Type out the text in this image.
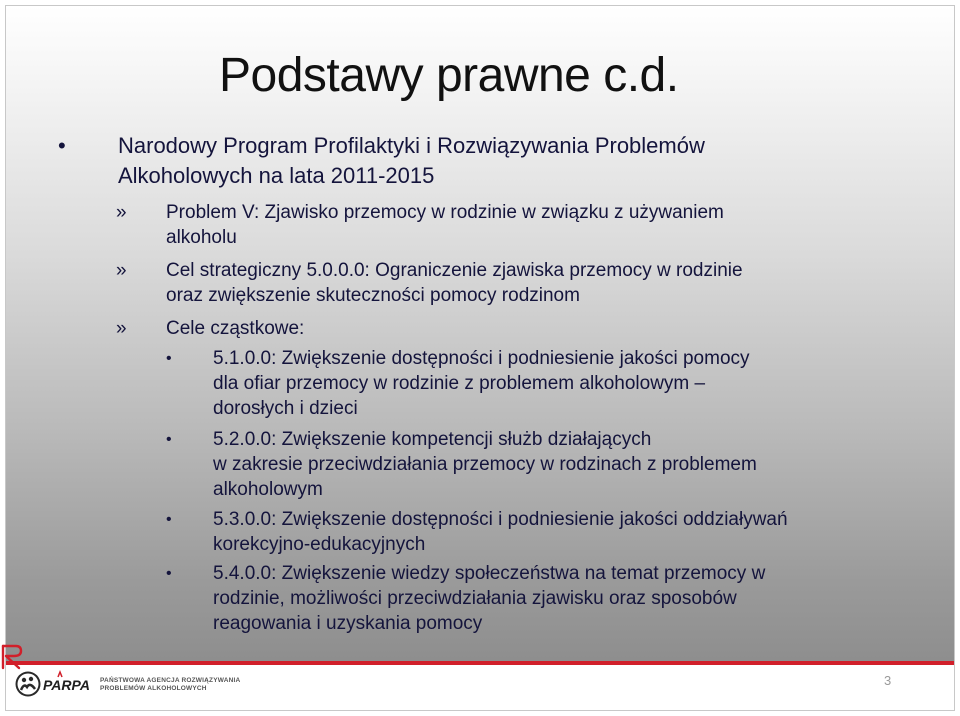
Podstawy prawne c.d.
• Narodowy Program Profilaktyki i Rozwiązywania Problemów
Alkoholowych na lata 2011-2015
» Problem V: Zjawisko przemocy w rodzinie w związku z używaniem
alkoholu
» Cel strategiczny 5.0.0.0: Ograniczenie zjawiska przemocy w rodzinie
oraz zwiększenie skuteczności pomocy rodzinom
» Cele cząstkowe:
• 5.1.0.0: Zwiększenie dostępności i podniesienie jakości pomocy
dla ofiar przemocy w rodzinie z problemem alkoholowym –
dorosłych i dzieci
• 5.2.0.0: Zwiększenie kompetencji służb działających
w zakresie przeciwdziałania przemocy w rodzinach z problemem
alkoholowym
• 5.3.0.0: Zwiększenie dostępności i podniesienie jakości oddziaływań
korekcyjno-edukacyjnych
• 5.4.0.0: Zwiększenie wiedzy społeczeństwa na temat przemocy w
rodzinie, możliwości przeciwdziałania zjawisku oraz sposobów
reagowania i uzyskania pomocy
PARPA PAŃSTWOWA AGENCJA ROZWIĄZYWANIA
PROBLEMÓW ALKOHOLOWYCH
3
